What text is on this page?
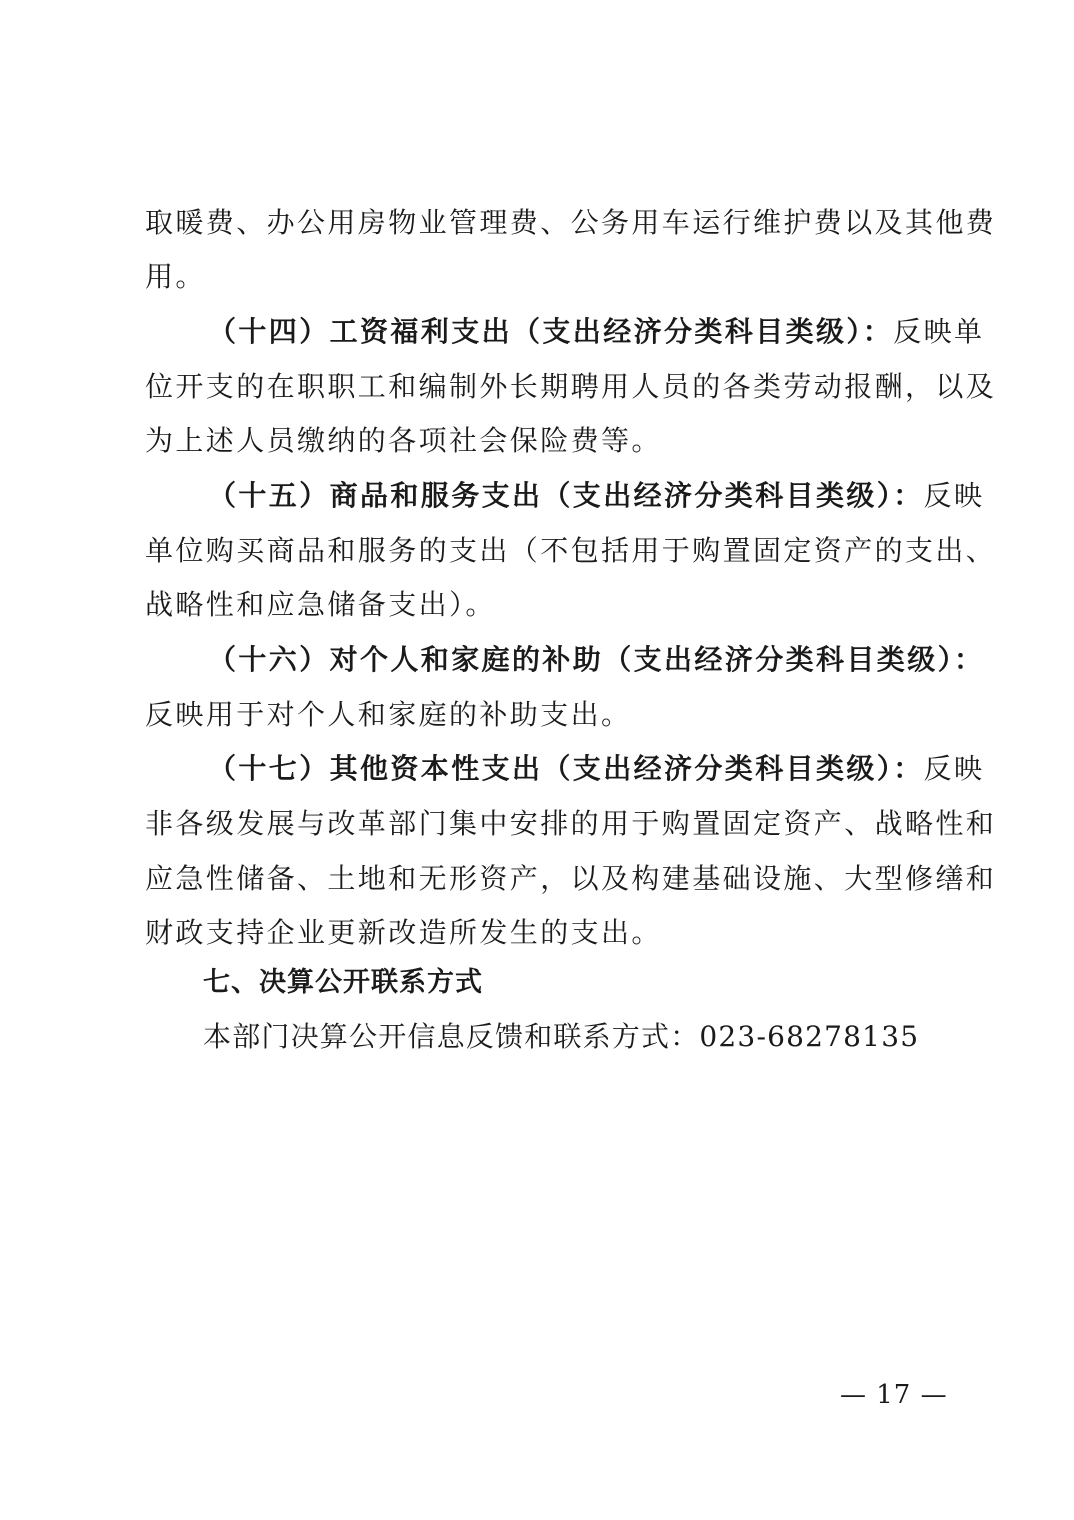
取暖费、办公用房物业管理费、公务用车运行维护费以及其他费
用。
（十四）工资福利支出（支出经济分类科目类级）：反映单
位开支的在职职工和编制外长期聘用人员的各类劳动报酬，以及
为上述人员缴纳的各项社会保险费等。
（十五）商品和服务支出（支出经济分类科目类级）：反映
单位购买商品和服务的支出（不包括用于购置固定资产的支出、
战略性和应急储备支出）。
（十六）对个人和家庭的补助（支出经济分类科目类级）：
反映用于对个人和家庭的补助支出。
（十七）其他资本性支出（支出经济分类科目类级）：反映
非各级发展与改革部门集中安排的用于购置固定资产、战略性和
应急性储备、土地和无形资产，以及构建基础设施、大型修缮和
财政支持企业更新改造所发生的支出。
七、决算公开联系方式
本部门决算公开信息反馈和联系方式：023-68278135
— 17 —
